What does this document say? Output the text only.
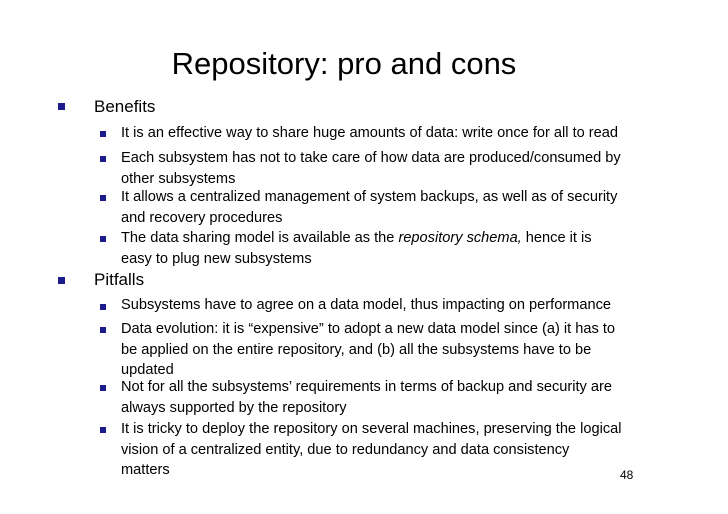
Repository: pro and cons
Benefits
It is an effective way to share huge amounts of data: write once for all to read
Each subsystem has not to take care of how data are produced/consumed by
other subsystems
It allows a centralized management of system backups, as well as of security
and recovery procedures
The data sharing model is available as the repository schema, hence it is
easy to plug new subsystems
Pitfalls
Subsystems have to agree on a data model, thus impacting on performance
Data evolution: it is “expensive” to adopt a new data model since (a) it has to
be applied on the entire repository, and (b) all the subsystems have to be
updated
Not for all the subsystems’ requirements in terms of backup and security are
always supported by the repository
It is tricky to deploy the repository on several machines, preserving the logical
vision of a centralized entity, due to redundancy and data consistency
matters	48
